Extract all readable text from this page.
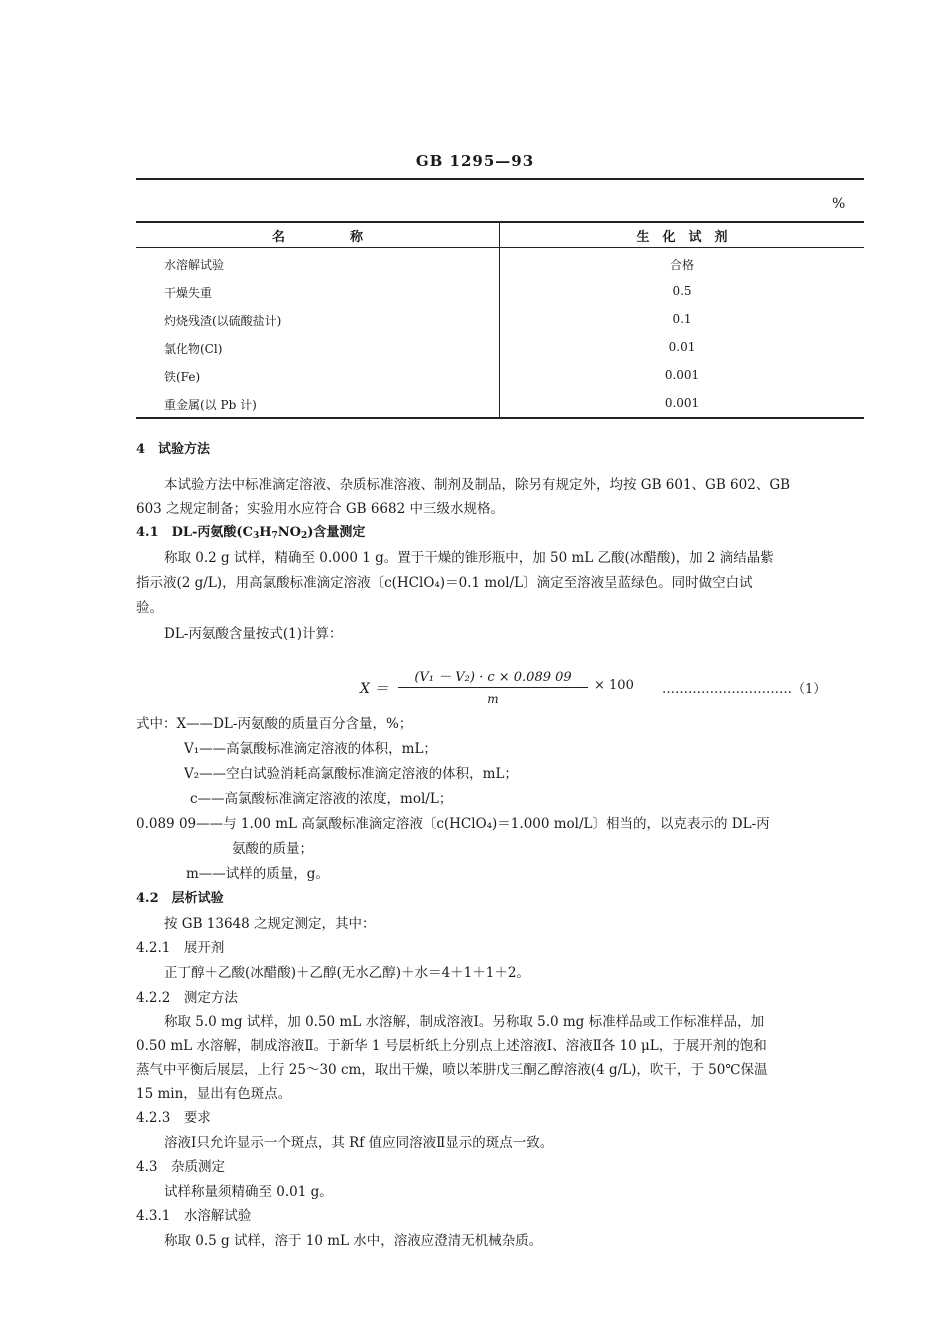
GB 1295—93
%
名　　　　　称	生　化　试　剂
水溶解试验	合格
干燥失重	0.5
灼烧残渣(以硫酸盐计)	0.1
氯化物(Cl)	0.01
铁(Fe)	0.001
重金属(以 Pb 计)	0.001
4　试验方法
本试验方法中标准滴定溶液、杂质标准溶液、制剂及制品，除另有规定外，均按 GB 601、GB 602、GB
603 之规定制备；实验用水应符合 GB 6682 中三级水规格。
4.1　DL-丙氨酸$(C_3H_7NO_2)$含量测定
称取 0.2 g 试样，精确至 0.000 1 g。置于干燥的锥形瓶中，加 50 mL 乙酸(冰醋酸)，加 2 滴结晶紫
指示液(2 g/L)，用高氯酸标准滴定溶液〔c(HClO₄)＝0.1 mol/L〕滴定至溶液呈蓝绿色。同时做空白试
验。
DL-丙氨酸含量按式(1)计算：
$X = \frac{\text{(V₁ － V₂) · c × 0.089 09}}{m} \times 100$ …………………………（1）
式中：X——DL-丙氨酸的质量百分含量，%；
V₁——高氯酸标准滴定溶液的体积，mL；
V₂——空白试验消耗高氯酸标准滴定溶液的体积，mL；
c——高氯酸标准滴定溶液的浓度，mol/L；
0.089 09——与 1.00 mL 高氯酸标准滴定溶液〔c(HClO₄)＝1.000 mol/L〕相当的，以克表示的 DL-丙
氨酸的质量；
m——试样的质量，g。
4.2　层析试验
按 GB 13648 之规定测定，其中：
4.2.1　展开剂
正丁醇＋乙酸(冰醋酸)＋乙醇(无水乙醇)＋水＝4＋1＋1＋2。
4.2.2　测定方法
称取 5.0 mg 试样，加 0.50 mL 水溶解，制成溶液Ⅰ。另称取 5.0 mg 标准样品或工作标准样品，加
0.50 mL 水溶解，制成溶液Ⅱ。于新华 1 号层析纸上分别点上述溶液Ⅰ、溶液Ⅱ各 10 μL，于展开剂的饱和
蒸气中平衡后展层，上行 25～30 cm，取出干燥，喷以苯肼戊三酮乙醇溶液(4 g/L)，吹干，于 50℃保温
15 min，显出有色斑点。
4.2.3　要求
溶液Ⅰ只允许显示一个斑点，其 Rf 值应同溶液Ⅱ显示的斑点一致。
4.3　杂质测定
试样称量须精确至 0.01 g。
4.3.1　水溶解试验
称取 0.5 g 试样，溶于 10 mL 水中，溶液应澄清无机械杂质。
